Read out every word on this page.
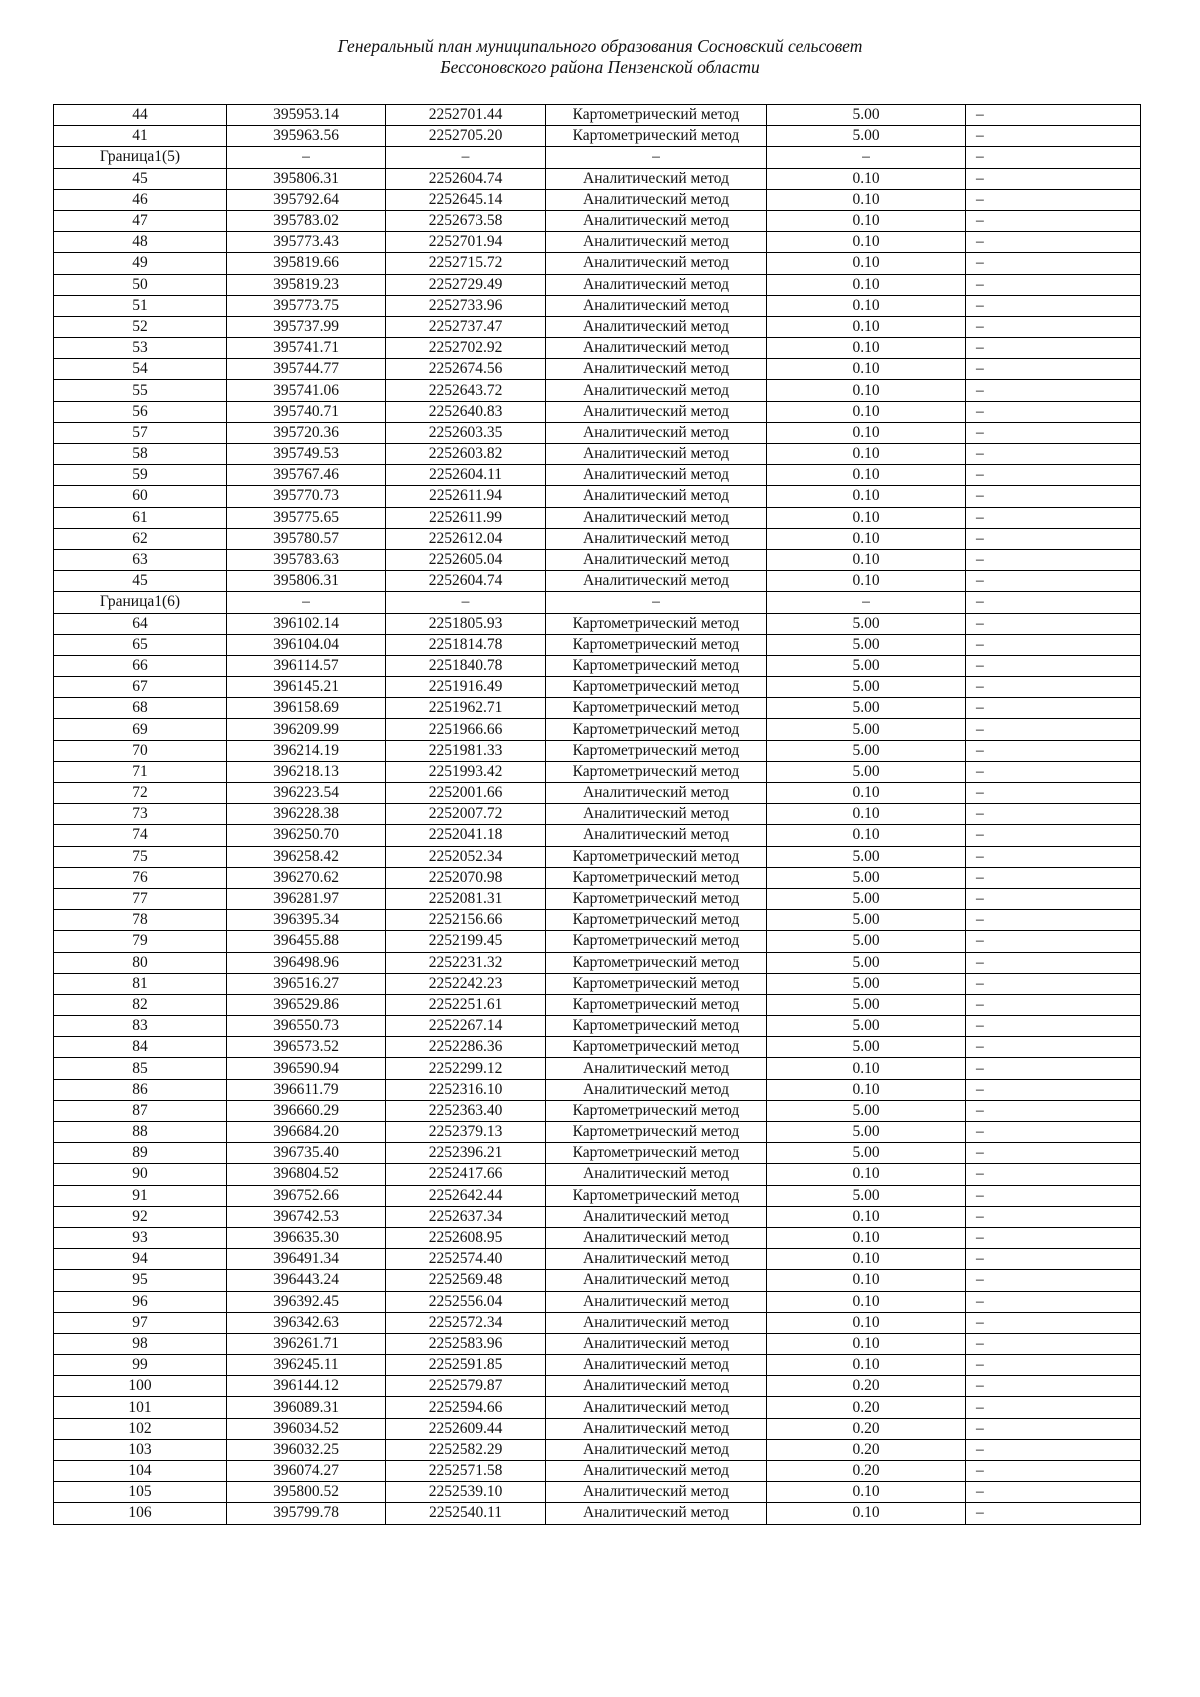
Генеральный план муниципального образования Сосновский сельсовет
Бессоновского района Пензенской области
44	395953.14	2252701.44	Картометрический метод	5.00	–
41	395963.56	2252705.20	Картометрический метод	5.00	–
Граница1(5)	–	–	–	–	–
45	395806.31	2252604.74	Аналитический метод	0.10	–
46	395792.64	2252645.14	Аналитический метод	0.10	–
47	395783.02	2252673.58	Аналитический метод	0.10	–
48	395773.43	2252701.94	Аналитический метод	0.10	–
49	395819.66	2252715.72	Аналитический метод	0.10	–
50	395819.23	2252729.49	Аналитический метод	0.10	–
51	395773.75	2252733.96	Аналитический метод	0.10	–
52	395737.99	2252737.47	Аналитический метод	0.10	–
53	395741.71	2252702.92	Аналитический метод	0.10	–
54	395744.77	2252674.56	Аналитический метод	0.10	–
55	395741.06	2252643.72	Аналитический метод	0.10	–
56	395740.71	2252640.83	Аналитический метод	0.10	–
57	395720.36	2252603.35	Аналитический метод	0.10	–
58	395749.53	2252603.82	Аналитический метод	0.10	–
59	395767.46	2252604.11	Аналитический метод	0.10	–
60	395770.73	2252611.94	Аналитический метод	0.10	–
61	395775.65	2252611.99	Аналитический метод	0.10	–
62	395780.57	2252612.04	Аналитический метод	0.10	–
63	395783.63	2252605.04	Аналитический метод	0.10	–
45	395806.31	2252604.74	Аналитический метод	0.10	–
Граница1(6)	–	–	–	–	–
64	396102.14	2251805.93	Картометрический метод	5.00	–
65	396104.04	2251814.78	Картометрический метод	5.00	–
66	396114.57	2251840.78	Картометрический метод	5.00	–
67	396145.21	2251916.49	Картометрический метод	5.00	–
68	396158.69	2251962.71	Картометрический метод	5.00	–
69	396209.99	2251966.66	Картометрический метод	5.00	–
70	396214.19	2251981.33	Картометрический метод	5.00	–
71	396218.13	2251993.42	Картометрический метод	5.00	–
72	396223.54	2252001.66	Аналитический метод	0.10	–
73	396228.38	2252007.72	Аналитический метод	0.10	–
74	396250.70	2252041.18	Аналитический метод	0.10	–
75	396258.42	2252052.34	Картометрический метод	5.00	–
76	396270.62	2252070.98	Картометрический метод	5.00	–
77	396281.97	2252081.31	Картометрический метод	5.00	–
78	396395.34	2252156.66	Картометрический метод	5.00	–
79	396455.88	2252199.45	Картометрический метод	5.00	–
80	396498.96	2252231.32	Картометрический метод	5.00	–
81	396516.27	2252242.23	Картометрический метод	5.00	–
82	396529.86	2252251.61	Картометрический метод	5.00	–
83	396550.73	2252267.14	Картометрический метод	5.00	–
84	396573.52	2252286.36	Картометрический метод	5.00	–
85	396590.94	2252299.12	Аналитический метод	0.10	–
86	396611.79	2252316.10	Аналитический метод	0.10	–
87	396660.29	2252363.40	Картометрический метод	5.00	–
88	396684.20	2252379.13	Картометрический метод	5.00	–
89	396735.40	2252396.21	Картометрический метод	5.00	–
90	396804.52	2252417.66	Аналитический метод	0.10	–
91	396752.66	2252642.44	Картометрический метод	5.00	–
92	396742.53	2252637.34	Аналитический метод	0.10	–
93	396635.30	2252608.95	Аналитический метод	0.10	–
94	396491.34	2252574.40	Аналитический метод	0.10	–
95	396443.24	2252569.48	Аналитический метод	0.10	–
96	396392.45	2252556.04	Аналитический метод	0.10	–
97	396342.63	2252572.34	Аналитический метод	0.10	–
98	396261.71	2252583.96	Аналитический метод	0.10	–
99	396245.11	2252591.85	Аналитический метод	0.10	–
100	396144.12	2252579.87	Аналитический метод	0.20	–
101	396089.31	2252594.66	Аналитический метод	0.20	–
102	396034.52	2252609.44	Аналитический метод	0.20	–
103	396032.25	2252582.29	Аналитический метод	0.20	–
104	396074.27	2252571.58	Аналитический метод	0.20	–
105	395800.52	2252539.10	Аналитический метод	0.10	–
106	395799.78	2252540.11	Аналитический метод	0.10	–
